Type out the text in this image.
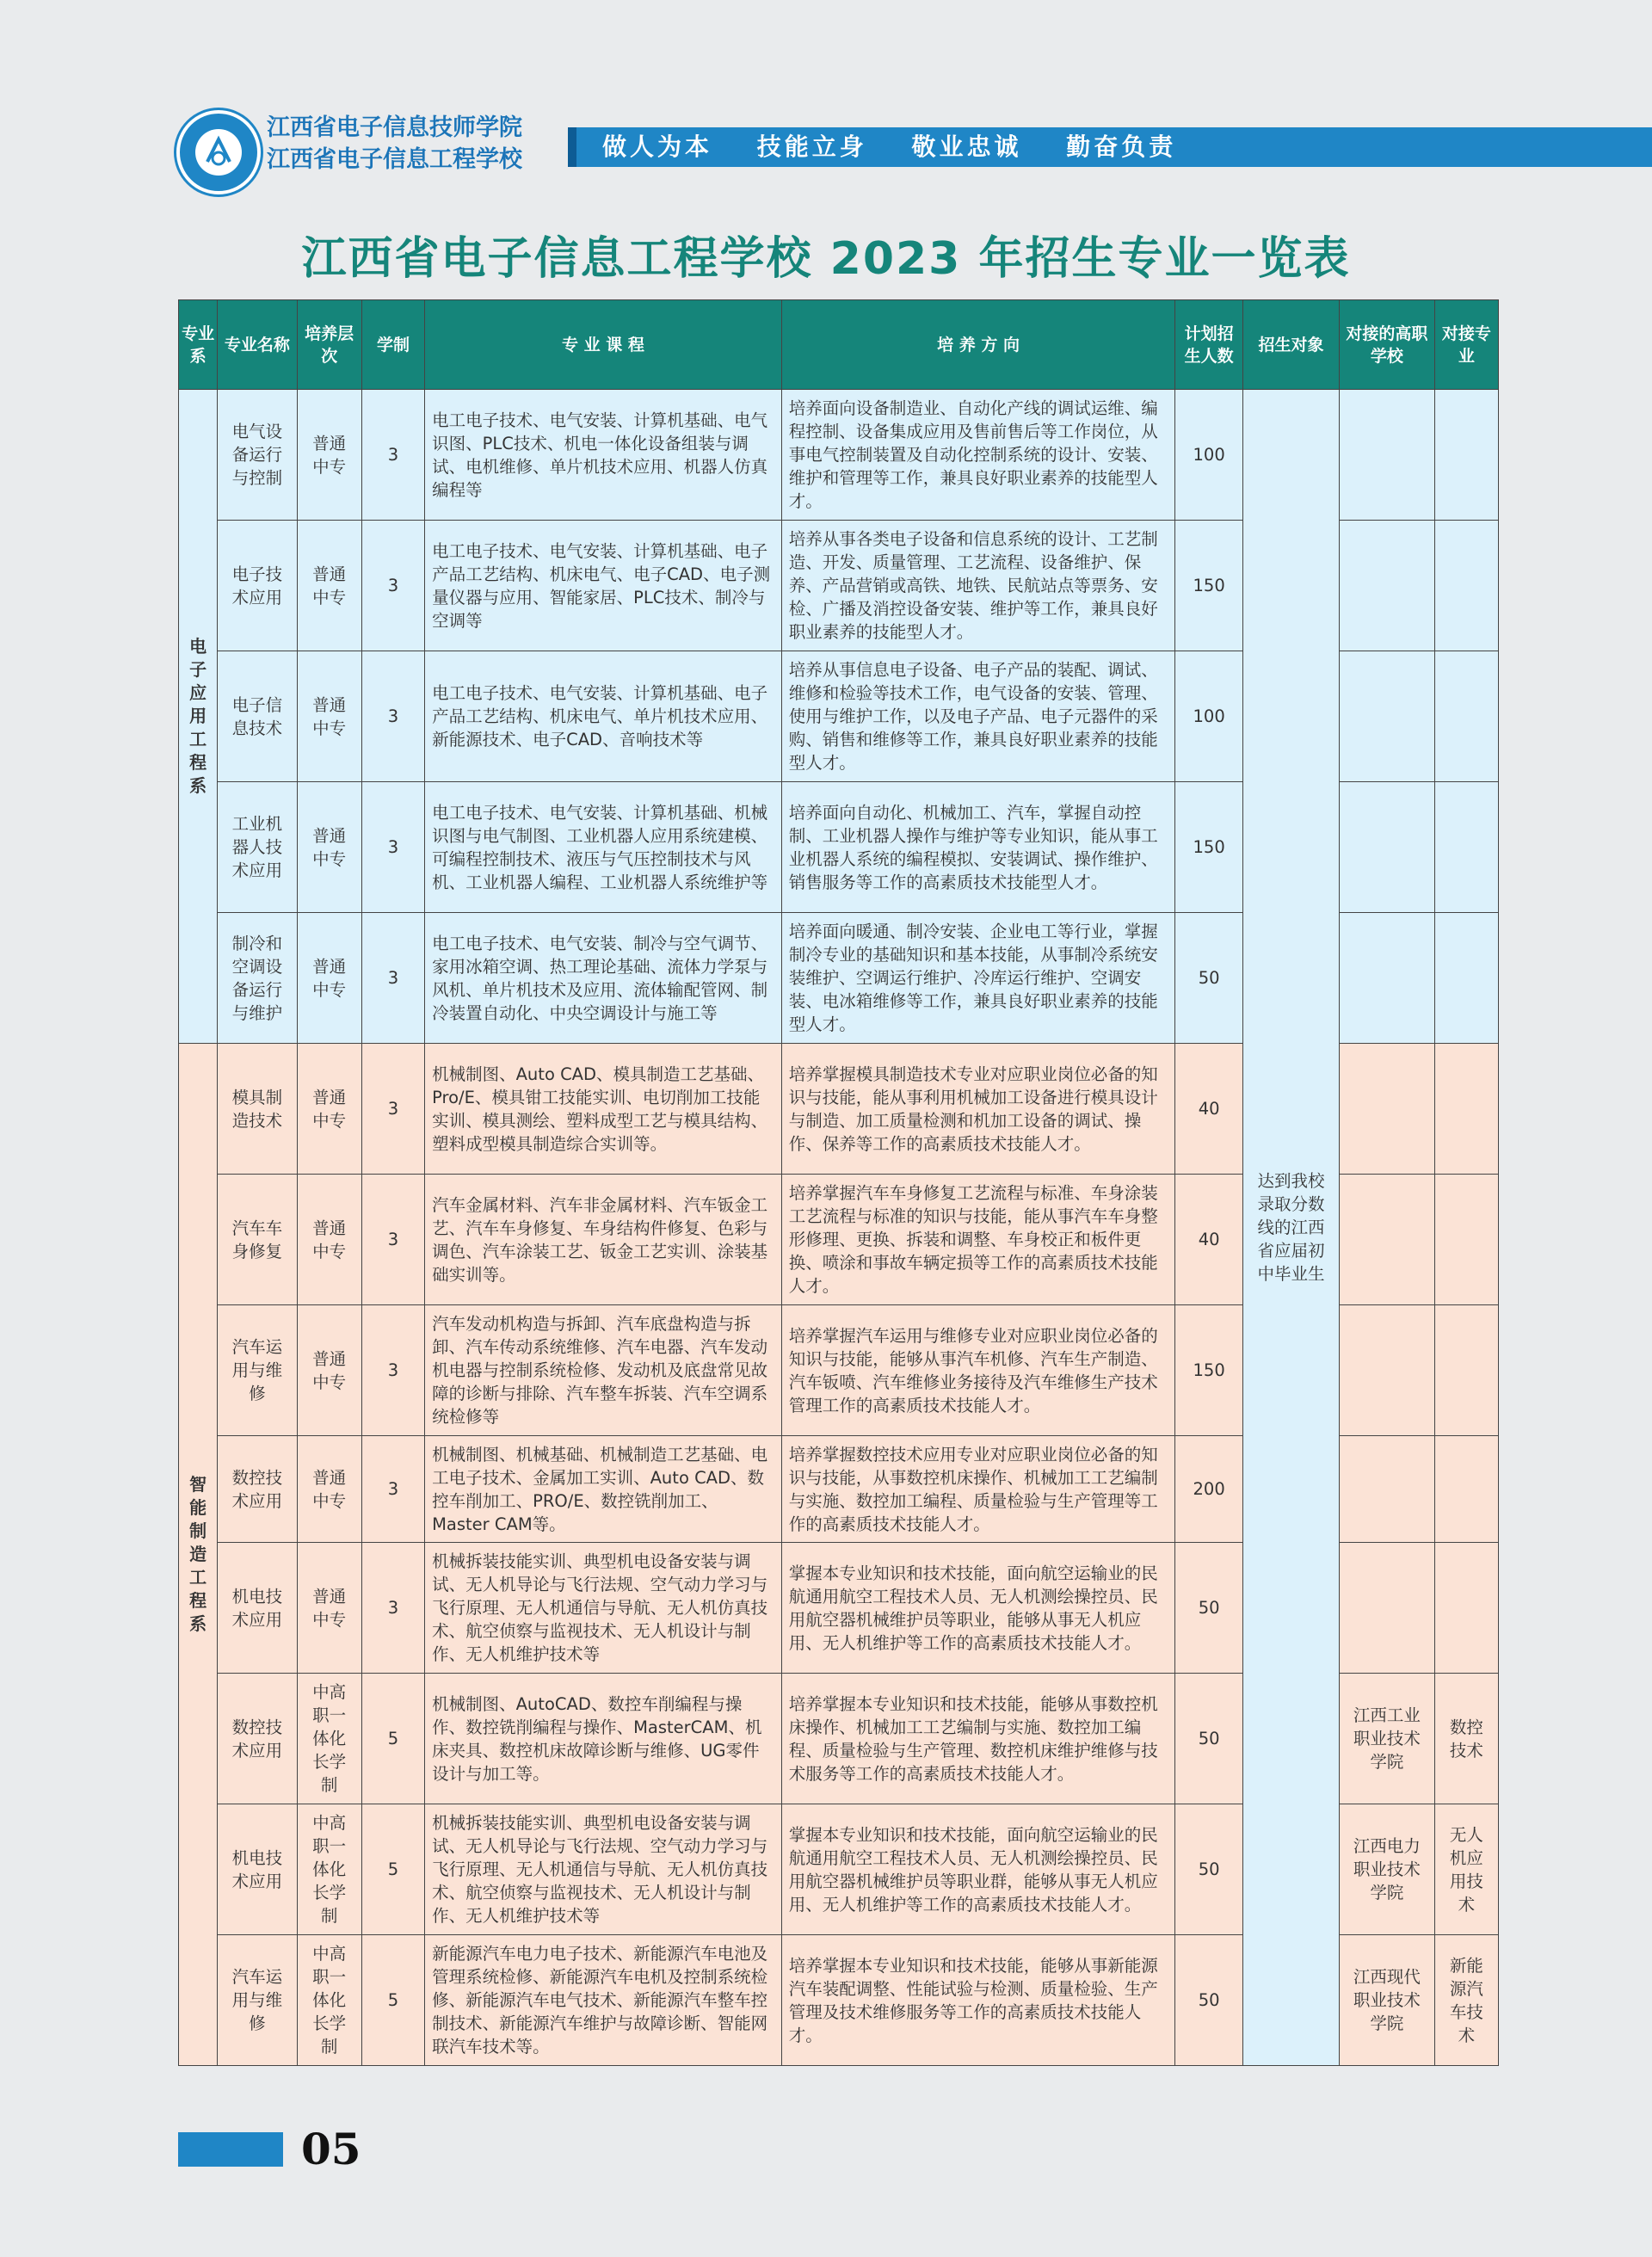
江西省电子信息技师学院
江西省电子信息工程学校	做人为本 技能立身 敬业忠诚 勤奋负责
江西省电子信息工程学校 2023 年招生专业一览表
专业系	专业名称	培养层次	学制	专 业 课 程	培 养 方 向	计划招生人数	招生对象	对接的高职学校	对接专业
电子应用工程系	电气设备运行与控制	普通中专	3	电工电子技术、电气安装、计算机基础、电气识图、PLC技术、机电一体化设备组装与调试、电机维修、单片机技术应用、机器人仿真编程等	培养面向设备制造业、自动化产线的调试运维、编程控制、设备集成应用及售前售后等工作岗位，从事电气控制装置及自动化控制系统的设计、安装、维护和管理等工作，兼具良好职业素养的技能型人才。	100	达到我校录取分数线的江西省应届初中毕业生		
	电子技术应用	普通中专	3	电工电子技术、电气安装、计算机基础、电子产品工艺结构、机床电气、电子CAD、电子测量仪器与应用、智能家居、PLC技术、制冷与空调等	培养从事各类电子设备和信息系统的设计、工艺制造、开发、质量管理、工艺流程、设备维护、保养、产品营销或高铁、地铁、民航站点等票务、安检、广播及消控设备安装、维护等工作，兼具良好职业素养的技能型人才。	150			
	电子信息技术	普通中专	3	电工电子技术、电气安装、计算机基础、电子产品工艺结构、机床电气、单片机技术应用、新能源技术、电子CAD、音响技术等	培养从事信息电子设备、电子产品的装配、调试、维修和检验等技术工作，电气设备的安装、管理、使用与维护工作，以及电子产品、电子元器件的采购、销售和维修等工作，兼具良好职业素养的技能型人才。	100			
	工业机器人技术应用	普通中专	3	电工电子技术、电气安装、计算机基础、机械识图与电气制图、工业机器人应用系统建模、可编程控制技术、液压与气压控制技术与风机、工业机器人编程、工业机器人系统维护等	培养面向自动化、机械加工、汽车，掌握自动控制、工业机器人操作与维护等专业知识，能从事工业机器人系统的编程模拟、安装调试、操作维护、销售服务等工作的高素质技术技能型人才。	150			
	制冷和空调设备运行与维护	普通中专	3	电工电子技术、电气安装、制冷与空气调节、家用冰箱空调、热工理论基础、流体力学泵与风机、单片机技术及应用、流体输配管网、制冷装置自动化、中央空调设计与施工等	培养面向暖通、制冷安装、企业电工等行业，掌握制冷专业的基础知识和基本技能，从事制冷系统安装维护、空调运行维护、冷库运行维护、空调安装、电冰箱维修等工作，兼具良好职业素养的技能型人才。	50			
智能制造工程系	模具制造技术	普通中专	3	机械制图、Auto CAD、模具制造工艺基础、Pro/E、模具钳工技能实训、电切削加工技能实训、模具测绘、塑料成型工艺与模具结构、塑料成型模具制造综合实训等。	培养掌握模具制造技术专业对应职业岗位必备的知识与技能，能从事利用机械加工设备进行模具设计与制造、加工质量检测和机加工设备的调试、操作、保养等工作的高素质技术技能人才。	40			
	汽车车身修复	普通中专	3	汽车金属材料、汽车非金属材料、汽车钣金工艺、汽车车身修复、车身结构件修复、色彩与调色、汽车涂装工艺、钣金工艺实训、涂装基础实训等。	培养掌握汽车车身修复工艺流程与标准、车身涂装工艺流程与标准的知识与技能，能从事汽车车身整形修理、更换、拆装和调整、车身校正和板件更换、喷涂和事故车辆定损等工作的高素质技术技能人才。	40			
	汽车运用与维修	普通中专	3	汽车发动机构造与拆卸、汽车底盘构造与拆卸、汽车传动系统维修、汽车电器、汽车发动机电器与控制系统检修、发动机及底盘常见故障的诊断与排除、汽车整车拆装、汽车空调系统检修等	培养掌握汽车运用与维修专业对应职业岗位必备的知识与技能，能够从事汽车机修、汽车生产制造、汽车钣喷、汽车维修业务接待及汽车维修生产技术管理工作的高素质技术技能人才。	150			
	数控技术应用	普通中专	3	机械制图、机械基础、机械制造工艺基础、电工电子技术、金属加工实训、Auto CAD、数控车削加工、PRO/E、数控铣削加工、Master CAM等。	培养掌握数控技术应用专业对应职业岗位必备的知识与技能，从事数控机床操作、机械加工工艺编制与实施、数控加工编程、质量检验与生产管理等工作的高素质技术技能人才。	200			
	机电技术应用	普通中专	3	机械拆装技能实训、典型机电设备安装与调试、无人机导论与飞行法规、空气动力学习与飞行原理、无人机通信与导航、无人机仿真技术、航空侦察与监视技术、无人机设计与制作、无人机维护技术等	掌握本专业知识和技术技能，面向航空运输业的民航通用航空工程技术人员、无人机测绘操控员、民用航空器机械维护员等职业，能够从事无人机应用、无人机维护等工作的高素质技术技能人才。	50			
	数控技术应用	中高职一体化长学制	5	机械制图、AutoCAD、数控车削编程与操作、数控铣削编程与操作、MasterCAM、机床夹具、数控机床故障诊断与维修、UG零件设计与加工等。	培养掌握本专业知识和技术技能，能够从事数控机床操作、机械加工工艺编制与实施、数控加工编程、质量检验与生产管理、数控机床维护维修与技术服务等工作的高素质技术技能人才。	50		江西工业职业技术学院	数控技术
	机电技术应用	中高职一体化长学制	5	机械拆装技能实训、典型机电设备安装与调试、无人机导论与飞行法规、空气动力学习与飞行原理、无人机通信与导航、无人机仿真技术、航空侦察与监视技术、无人机设计与制作、无人机维护技术等	掌握本专业知识和技术技能，面向航空运输业的民航通用航空工程技术人员、无人机测绘操控员、民用航空器机械维护员等职业群，能够从事无人机应用、无人机维护等工作的高素质技术技能人才。	50		江西电力职业技术学院	无人机应用技术
	汽车运用与维修	中高职一体化长学制	5	新能源汽车电力电子技术、新能源汽车电池及管理系统检修、新能源汽车电机及控制系统检修、新能源汽车电气技术、新能源汽车整车控制技术、新能源汽车维护与故障诊断、智能网联汽车技术等。	培养掌握本专业知识和技术技能，能够从事新能源汽车装配调整、性能试验与检测、质量检验、生产管理及技术维修服务等工作的高素质技术技能人才。	50		江西现代职业技术学院	新能源汽车技术
05
